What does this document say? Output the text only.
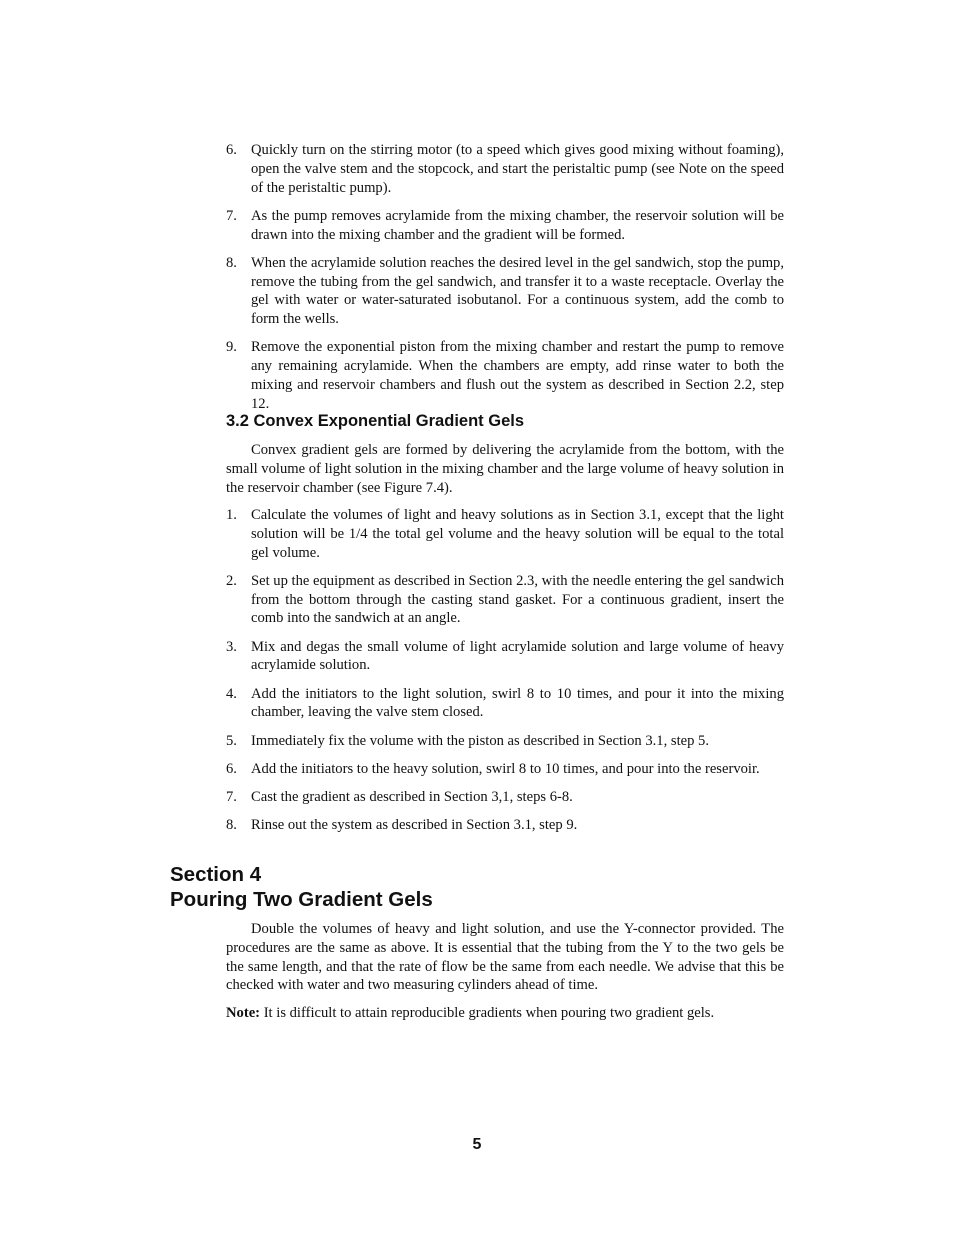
6. Quickly turn on the stirring motor (to a speed which gives good mixing without foaming), open the valve stem and the stopcock, and start the peristaltic pump (see Note on the speed of the peristaltic pump).
7. As the pump removes acrylamide from the mixing chamber, the reservoir solution will be drawn into the mixing chamber and the gradient will be formed.
8. When the acrylamide solution reaches the desired level in the gel sandwich, stop the pump, remove the tubing from the gel sandwich, and transfer it to a waste receptacle. Overlay the gel with water or water-saturated isobutanol. For a continuous system, add the comb to form the wells.
9. Remove the exponential piston from the mixing chamber and restart the pump to remove any remaining acrylamide. When the chambers are empty, add rinse water to both the mixing and reservoir chambers and flush out the system as described in Section 2.2, step 12.
3.2 Convex Exponential Gradient Gels

Convex gradient gels are formed by delivering the acrylamide from the bottom, with the small volume of light solution in the mixing chamber and the large volume of heavy solution in the reservoir chamber (see Figure 7.4).

1. Calculate the volumes of light and heavy solutions as in Section 3.1, except that the light solution will be 1/4 the total gel volume and the heavy solution will be equal to the total gel volume.
2. Set up the equipment as described in Section 2.3, with the needle entering the gel sandwich from the bottom through the casting stand gasket. For a continuous gradient, insert the comb into the sandwich at an angle.
3. Mix and degas the small volume of light acrylamide solution and large volume of heavy acrylamide solution.
4. Add the initiators to the light solution, swirl 8 to 10 times, and pour it into the mixing chamber, leaving the valve stem closed.
5. Immediately fix the volume with the piston as described in Section 3.1, step 5.
6. Add the initiators to the heavy solution, swirl 8 to 10 times, and pour into the reservoir.
7. Cast the gradient as described in Section 3,1, steps 6-8.
8. Rinse out the system as described in Section 3.1, step 9.
Section 4
Pouring Two Gradient Gels

Double the volumes of heavy and light solution, and use the Y-connector provided. The procedures are the same as above. It is essential that the tubing from the Y to the two gels be the same length, and that the rate of flow be the same from each needle. We advise that this be checked with water and two measuring cylinders ahead of time.

Note: It is difficult to attain reproducible gradients when pouring two gradient gels.

5
